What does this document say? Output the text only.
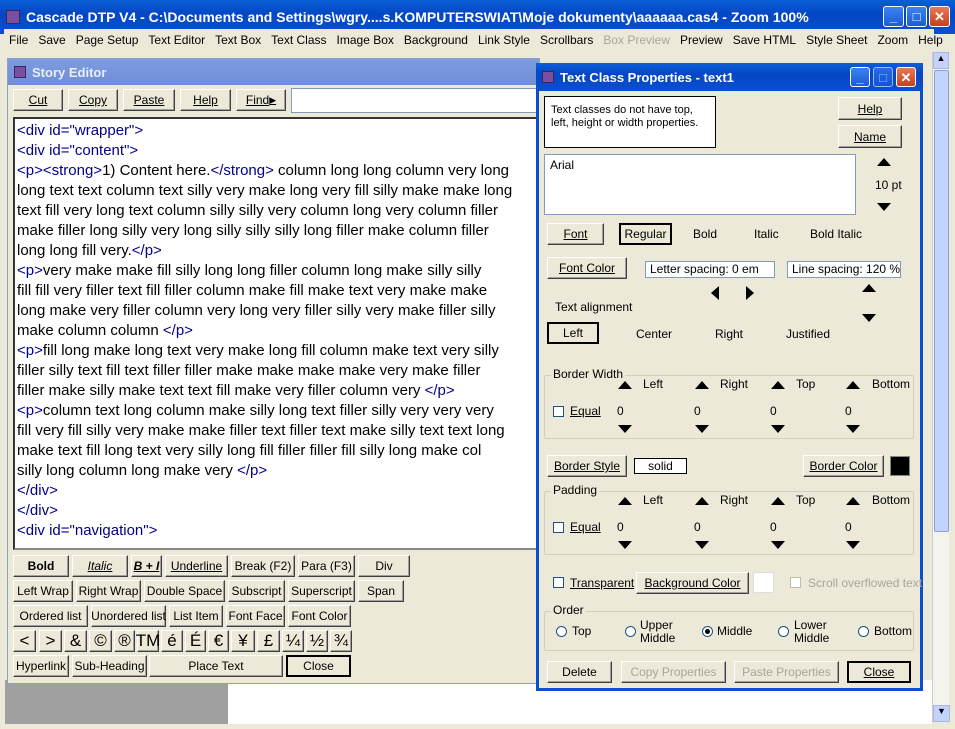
Cascade DTP V4 - C:\Documents and Settings\wgry....s.KOMPUTERSWIAT\Moje dokumenty\aaaaaa.cas4 - Zoom 100%	_	□	✕
File Save Page Setup Text Editor Text Box Text Class Image Box Background Link Style Scrollbars Box Preview Preview Save HTML Style Sheet Zoom Help
▲
▼
Story Editor
Cut	Copy Paste Help Find ▶
<div id="wrapper">
<div id="content">
<p><strong>1) Content here.</strong> column long long column very long
long text text column text silly very make long very fill silly make make long
text fill very long text column silly silly very column long very column filler
make filler long silly very long silly silly silly long filler make column filler
long long fill very.</p>
<p>very make make fill silly long long filler column long make silly silly
fill fill very filler text fill filler column make fill make text very make make
long make very filler column very long very filler silly very make filler silly
make column column </p>
<p>fill long make long text very make long fill column make text very silly
filler silly text fill text filler filler make make make make very make filler
filler make silly make text text fill make very filler column very </p>
<p>column text long column make silly long text filler silly very very very
fill very fill silly very make make filler text filler text make silly text text long
make text fill long text very silly long fill filler filler fill silly long make col
silly long column long make very </p>
</div>
</div>
<div id="navigation">
Bold	Italic	B + I Underline	Break (F2) Para (F3)	Div
Left Wrap Right Wrap Double Space Subscript Superscript	Span
Ordered list Unordered list List Item Font Face Font Color
< > & © ® TM é É € ¥ £ ¼ ½ ¾
Hyperlink Sub-Heading	Place Text	Close
Text Class Properties - text1	_	□	✕
Text classes do not have top, left, height or width properties.
Help
Name
Arial
10 pt
Font	Regular	Bold	Italic	Bold Italic
Font Color	Letter spacing: 0 em	Line spacing: 120 %
Text alignment
Left	Center	Right	Justified
Border Width
Left
0
Right
0
Top
0
Bottom
0
Equal
Border Style	solid	Border Color
Padding
Left
0
Right
0
Top
0
Bottom
0
Equal
Transparent Background Color	Scroll overflowed text
Order
Top	Upper Middle	Middle	Lower Middle	Bottom
Delete	Copy Properties	Paste Properties	Close
